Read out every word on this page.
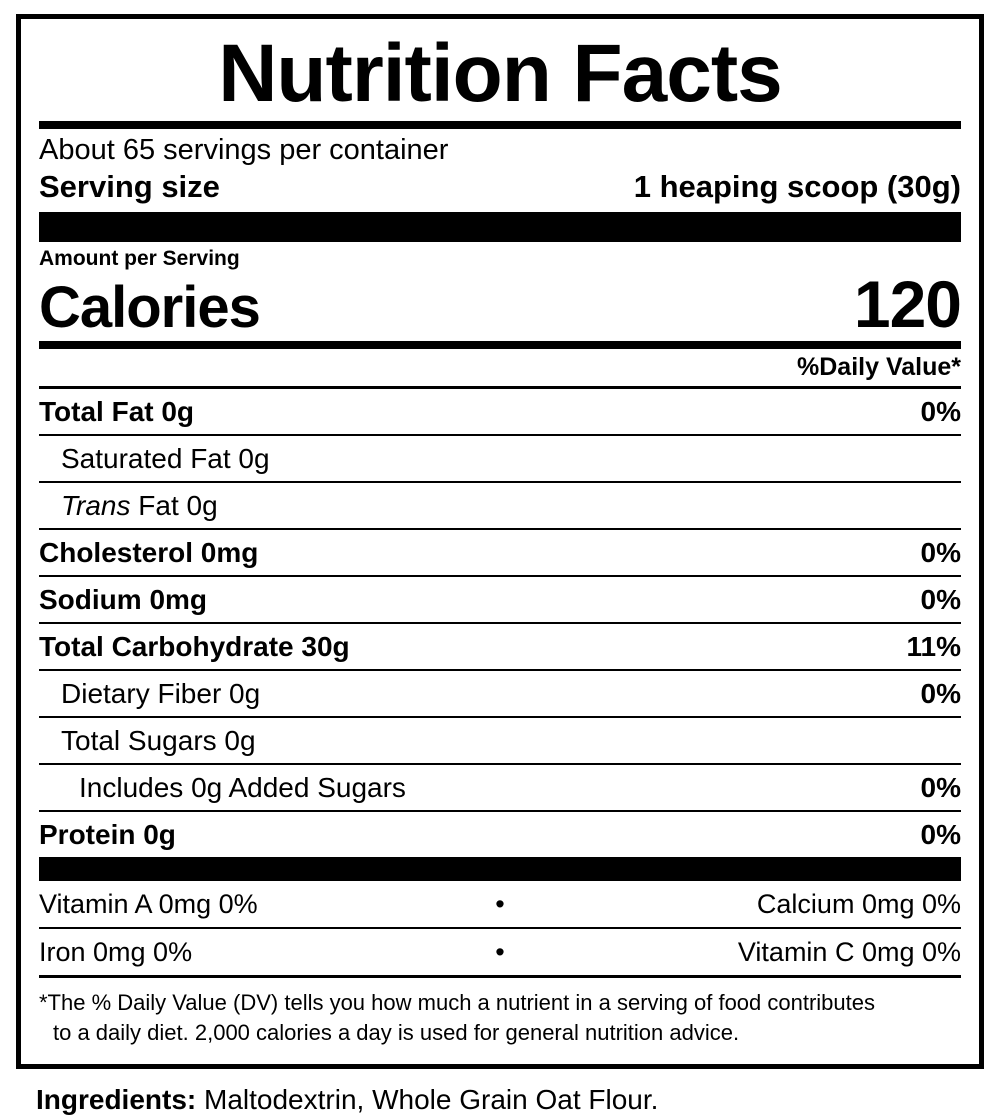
Nutrition Facts
About 65 servings per container
Serving size	1 heaping scoop (30g)
Amount per Serving
Calories	120
%Daily Value*
Total Fat 0g	0%
Saturated Fat 0g
Trans Fat 0g
Cholesterol 0mg	0%
Sodium 0mg	0%
Total Carbohydrate 30g	11%
Dietary Fiber 0g	0%
Total Sugars 0g
Includes 0g Added Sugars	0%
Protein 0g	0%
Vitamin A 0mg 0%	•	Calcium 0mg 0%
Iron 0mg 0%	•	Vitamin C 0mg 0%
*The % Daily Value (DV) tells you how much a nutrient in a serving of food contributes
to a daily diet. 2,000 calories a day is used for general nutrition advice.
Ingredients: Maltodextrin, Whole Grain Oat Flour.
